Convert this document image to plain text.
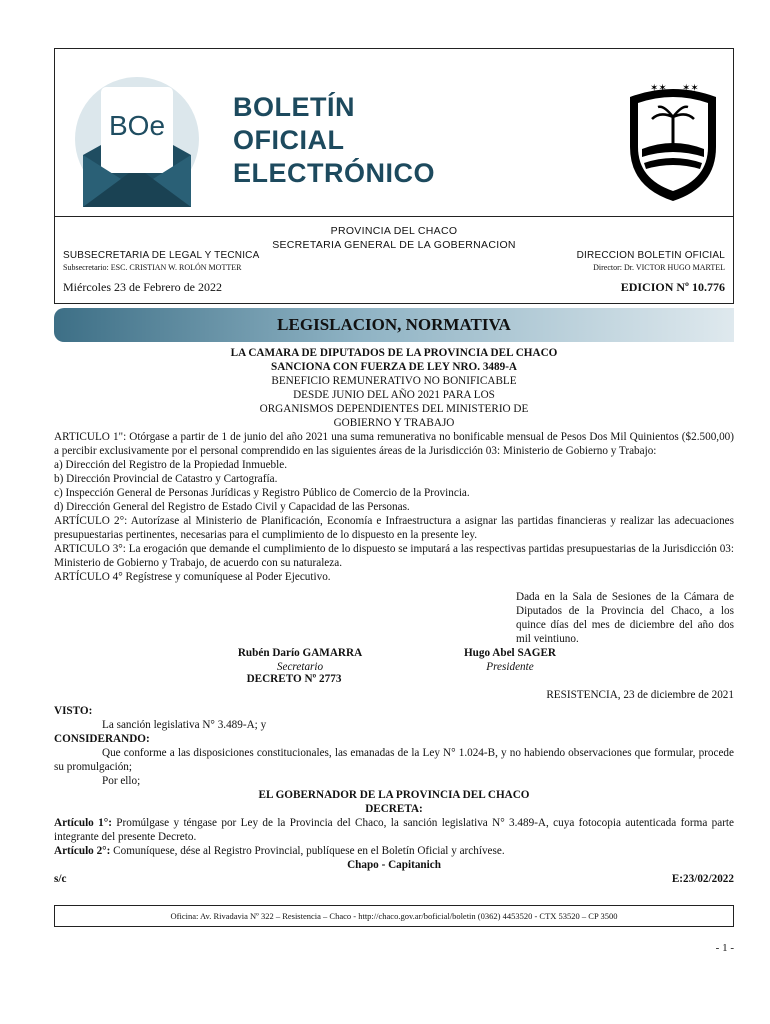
BOe
BOLETÍN
OFICIAL
ELECTRÓNICO
✶✶ ✶✶
PROVINCIA DEL CHACO
SECRETARIA GENERAL DE LA GOBERNACION
SUBSECRETARIA DE LEGAL Y TECNICA
Subsecretario: ESC. CRISTIAN W. ROLÓN MOTTER
DIRECCION BOLETIN OFICIAL
Director: Dr. VICTOR HUGO MARTEL
Miércoles 23 de Febrero de 2022	EDICION Nº 10.776
LEGISLACION, NORMATIVA
LA CAMARA DE DIPUTADOS DE LA PROVINCIA DEL CHACO
SANCIONA CON FUERZA DE LEY NRO. 3489-A
BENEFICIO REMUNERATIVO NO BONIFICABLE
DESDE JUNIO DEL AÑO 2021 PARA LOS
ORGANISMOS DEPENDIENTES DEL MINISTERIO DE
GOBIERNO Y TRABAJO

ARTICULO 1": Otórgase a partir de 1 de junio del año 2021 una suma remunerativa no bonificable mensual de Pesos Dos Mil Quinientos ($2.500,00) a percibir exclusivamente por el personal comprendido en las siguientes áreas de la Jurisdicción 03: Ministerio de Gobierno y Trabajo:

a) Dirección del Registro de la Propiedad Inmueble.
b) Dirección Provincial de Catastro y Cartografía.
c) Inspección General de Personas Jurídicas y Registro Público de Comercio de la Provincia.
d) Dirección General del Registro de Estado Civil y Capacidad de las Personas.

ARTÍCULO 2°: Autorízase al Ministerio de Planificación, Economía e Infraestructura a asignar las partidas financieras y realizar las adecuaciones presupuestarias pertinentes, necesarias para el cumplimiento de lo dispuesto en la presente ley.

ARTICULO 3°: La erogación que demande el cumplimiento de lo dispuesto se imputará a las respectivas partidas presupuestarias de la Jurisdicción 03: Ministerio de Gobierno y Trabajo, de acuerdo con su naturaleza.

ARTÍCULO 4° Regístrese y comuníquese al Poder Ejecutivo.

Dada en la Sala de Sesiones de la Cámara de Diputados de la Provincia del Chaco, a los quince días del mes de diciembre del año dos mil veintiuno.
Rubén Darío GAMARRA
Secretario
Hugo Abel SAGER
Presidente
DECRETO Nº 2773
RESISTENCIA, 23 de diciembre de 2021
VISTO:
La sanción legislativa N° 3.489-A; y
CONSIDERANDO:

Que conforme a las disposiciones constitucionales, las emanadas de la Ley N° 1.024-B, y no habiendo observaciones que formular, procede su promulgación;

Por ello;
EL GOBERNADOR DE LA PROVINCIA DEL CHACO
DECRETA:

Artículo 1°: Promúlgase y téngase por Ley de la Provincia del Chaco, la sanción legislativa N° 3.489-A, cuya fotocopia autenticada forma parte integrante del presente Decreto.

Artículo 2°: Comuníquese, dése al Registro Provincial, publíquese en el Boletín Oficial y archívese.

Chapo - Capitanich
s/c	E:23/02/2022
Oficina: Av. Rivadavia Nº 322 – Resistencia – Chaco - http://chaco.gov.ar/boficial/boletin (0362) 4453520 - CTX 53520 – CP 3500
- 1 -
